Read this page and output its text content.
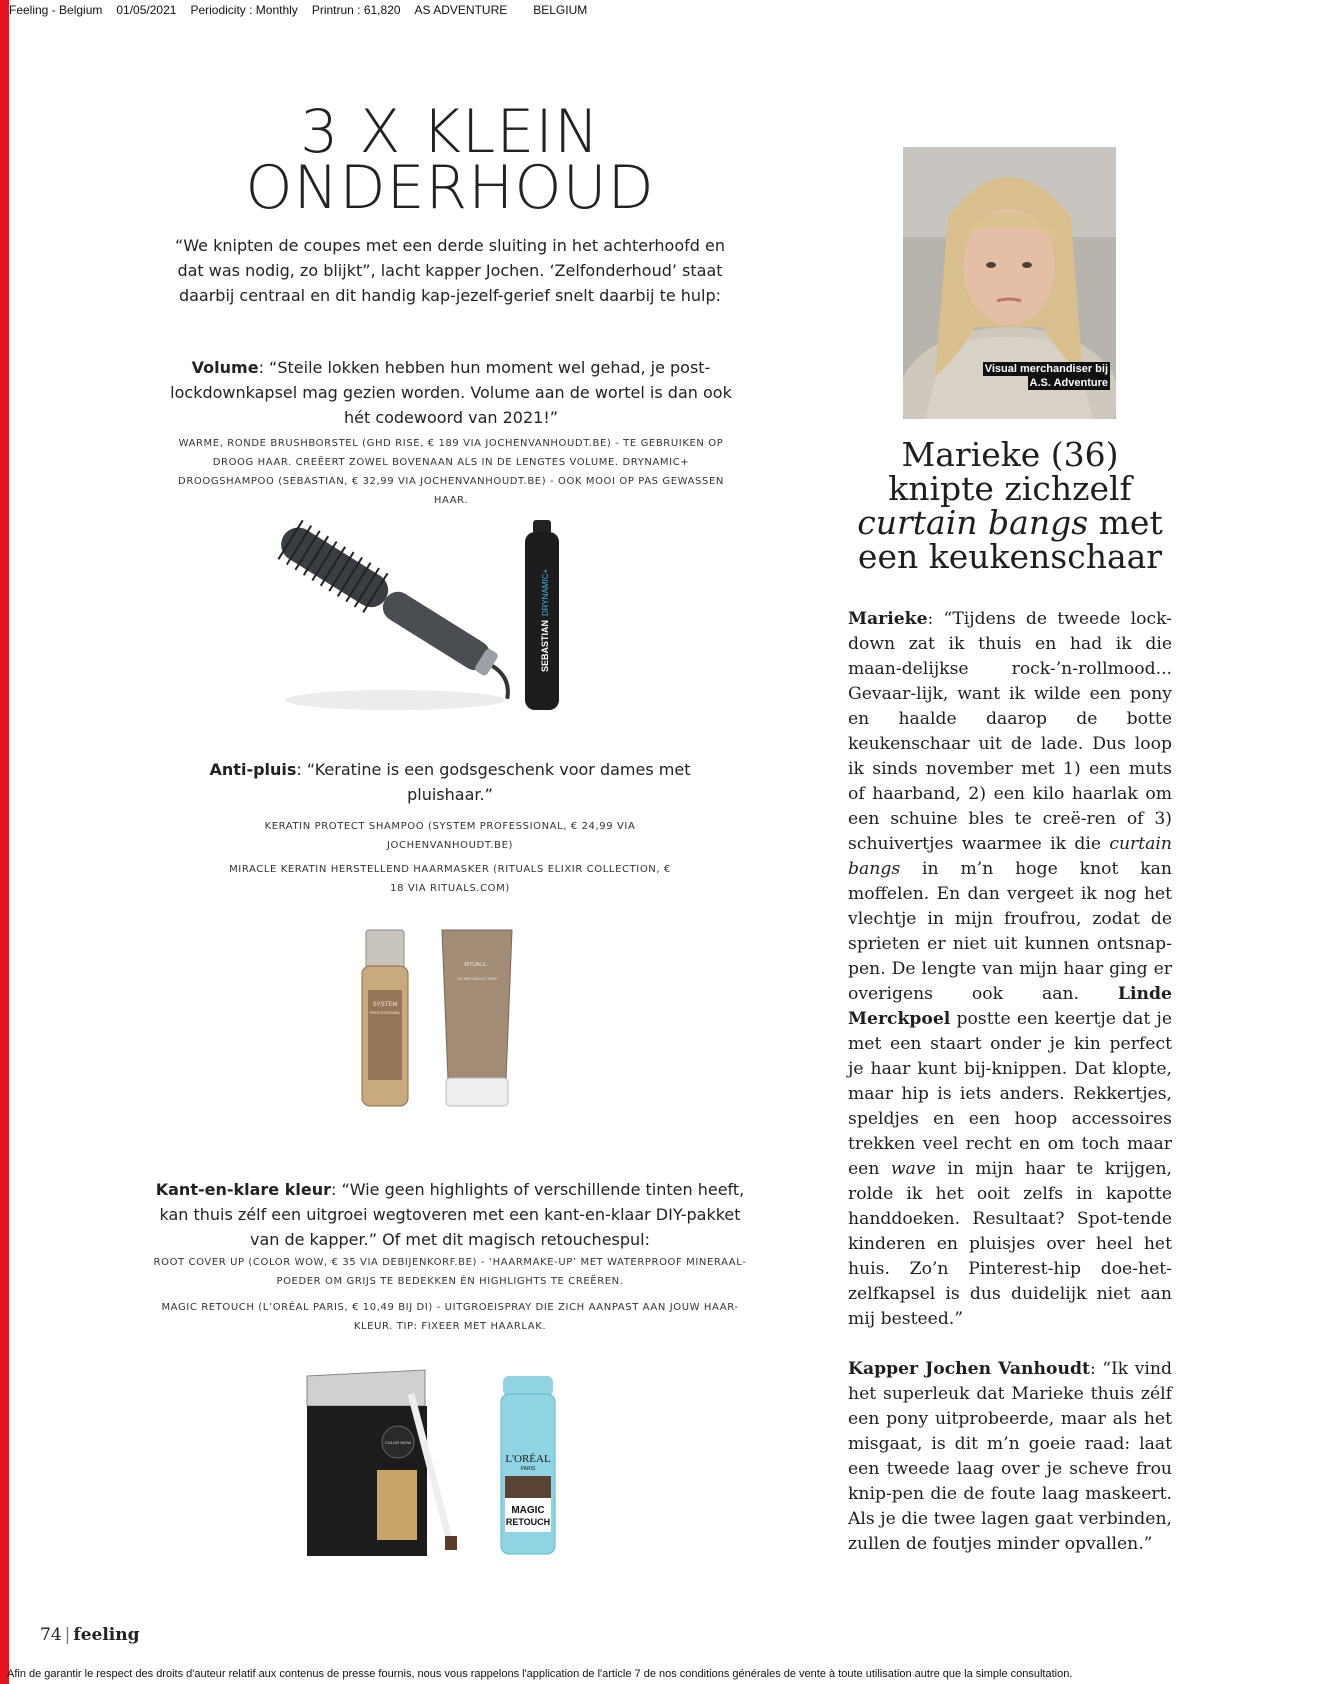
Feeling - Belgium 01/05/2021 Periodicity : Monthly Printrun : 61,820 AS ADVENTURE BELGIUM
3 X KLEIN
ONDERHOUD
“We knipten de coupes met een derde sluiting in het achterhoofd en dat was nodig, zo blijkt”, lacht kapper Jochen. ‘Zelfonderhoud’ staat daarbij centraal en dit handig kap-jezelf-gerief snelt daarbij te hulp:
Volume: “Steile lokken hebben hun moment wel gehad, je post-lockdownkapsel mag gezien worden. Volume aan de wortel is dan ook hét codewoord van 2021!”
WARME, RONDE BRUSHBORSTEL (GHD RISE, € 189 VIA JOCHENVANHOUDT.BE) - TE GEBRUIKEN OP DROOG HAAR. CREËERT ZOWEL BOVENAAN ALS IN DE LENGTES VOLUME. DRYNAMIC+ DROOGSHAMPOO (SEBASTIAN, € 32,99 VIA JOCHENVANHOUDT.BE) - OOK MOOI OP PAS GEWASSEN HAAR.
SEBASTIAN
DRYNAMIC+
Anti-pluis: “Keratine is een godsgeschenk voor dames met pluishaar.”
KERATIN PROTECT SHAMPOO (SYSTEM PROFESSIONAL, € 24,99 VIA JOCHENVANHOUDT.BE)
MIRACLE KERATIN HERSTELLEND HAARMASKER (RITUALS ELIXIR COLLECTION, € 18 VIA RITUALS.COM)
SYSTEM
PROFESSIONAL
RITUALS...
ELIXIR COLLECTION
Kant-en-klare kleur: “Wie geen highlights of verschillende tinten heeft, kan thuis zélf een uitgroei wegtoveren met een kant-en-klaar DIY-pakket van de kapper.” Of met dit magisch retouchespul:
ROOT COVER UP (COLOR WOW, € 35 VIA DEBIJENKORF.BE) - ‘HAARMAKE-UP’ MET WATERPROOF MINERAAL-POEDER OM GRIJS TE BEDEKKEN ÉN HIGHLIGHTS TE CREËREN.
MAGIC RETOUCH (L’ORÉAL PARIS, € 10,49 BIJ DI) - UITGROEISPRAY DIE ZICH AANPAST AAN JOUW HAAR-KLEUR. TIP: FIXEER MET HAARLAK.
COLOR WOW
L'ORÉAL
PARIS
MAGIC
RETOUCH
Visual merchandiser bij
A.S. Adventure
Marieke (36)
knipte zichzelf
curtain bangs met
een keukenschaar

Marieke: “Tijdens de tweede lock-down zat ik thuis en had ik die maan-delijkse rock-’n-rollmood... Gevaar-lijk, want ik wilde een pony en haalde daarop de botte keukenschaar uit de lade. Dus loop ik sinds november met 1) een muts of haarband, 2) een kilo haarlak om een schuine bles te creë-ren of 3) schuivertjes waarmee ik die curtain bangs in m’n hoge knot kan moffelen. En dan vergeet ik nog het vlechtje in mijn froufrou, zodat de sprieten er niet uit kunnen ontsnap-pen. De lengte van mijn haar ging er overigens ook aan. Linde Merckpoel postte een keertje dat je met een staart onder je kin perfect je haar kunt bij-knippen. Dat klopte, maar hip is iets anders. Rekkertjes, speldjes en een hoop accessoires trekken veel recht en om toch maar een wave in mijn haar te krijgen, rolde ik het ooit zelfs in kapotte handdoeken. Resultaat? Spot-tende kinderen en pluisjes over heel het huis. Zo’n Pinterest-hip doe-het-zelfkapsel is dus duidelijk niet aan mij besteed.”

Kapper Jochen Vanhoudt: “Ik vind het superleuk dat Marieke thuis zélf een pony uitprobeerde, maar als het misgaat, is dit m’n goeie raad: laat een tweede laag over je scheve frou knip-pen die de foute laag maskeert. Als je die twee lagen gaat verbinden, zullen de foutjes minder opvallen.”

74 | feeling
Afin de garantir le respect des droits d'auteur relatif aux contenus de presse fournis, nous vous rappelons l'application de l'article 7 de nos conditions générales de vente à toute utilisation autre que la simple consultation.
